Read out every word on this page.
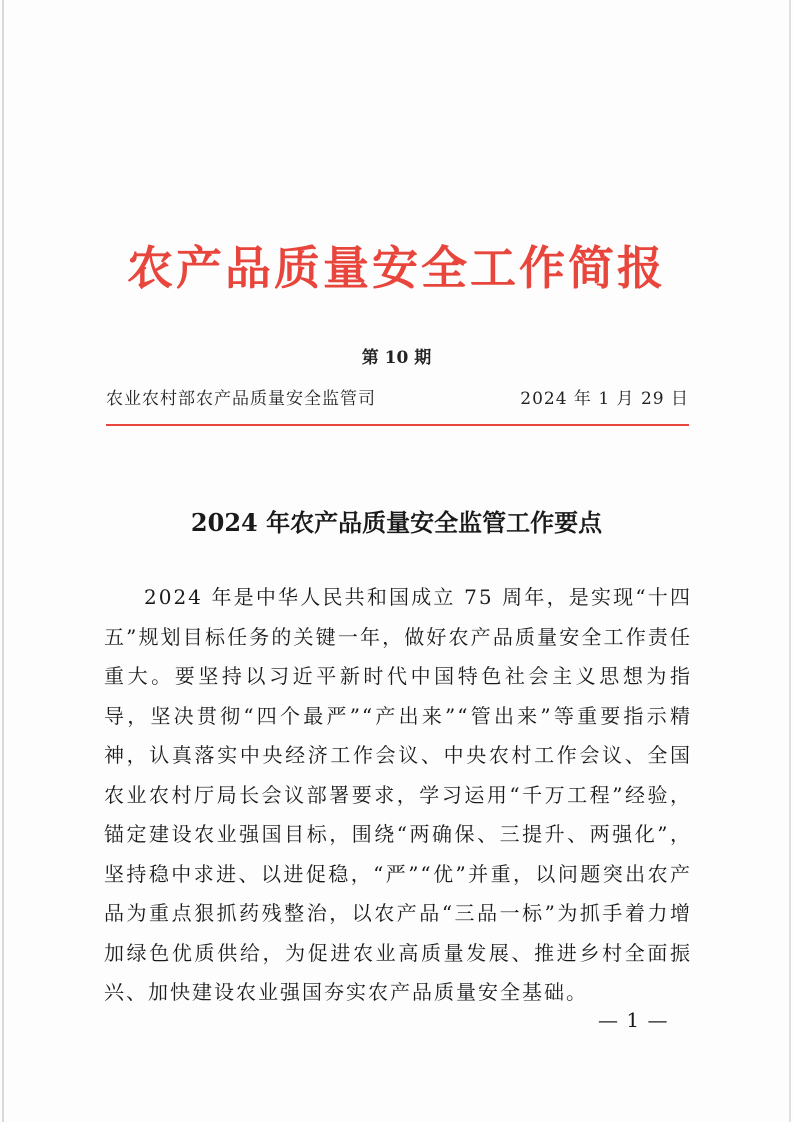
农产品质量安全工作简报
第 10 期
农业农村部农产品质量安全监管司	2024 年 1 月 29 日
2024 年农产品质量安全监管工作要点

2024 年是中华人民共和国成立 75 周年，是实现“十四五”规划目标任务的关键一年，做好农产品质量安全工作责任重大。要坚持以习近平新时代中国特色社会主义思想为指导，坚决贯彻“四个最严”“产出来”“管出来”等重要指示精神，认真落实中央经济工作会议、中央农村工作会议、全国农业农村厅局长会议部署要求，学习运用“千万工程”经验，锚定建设农业强国目标，围绕“两确保、三提升、两强化”，坚持稳中求进、以进促稳，“严”“优”并重，以问题突出农产品为重点狠抓药残整治，以农产品“三品一标”为抓手着力增加绿色优质供给，为促进农业高质量发展、推进乡村全面振兴、加快建设农业强国夯实农产品质量安全基础。

— 1 —
